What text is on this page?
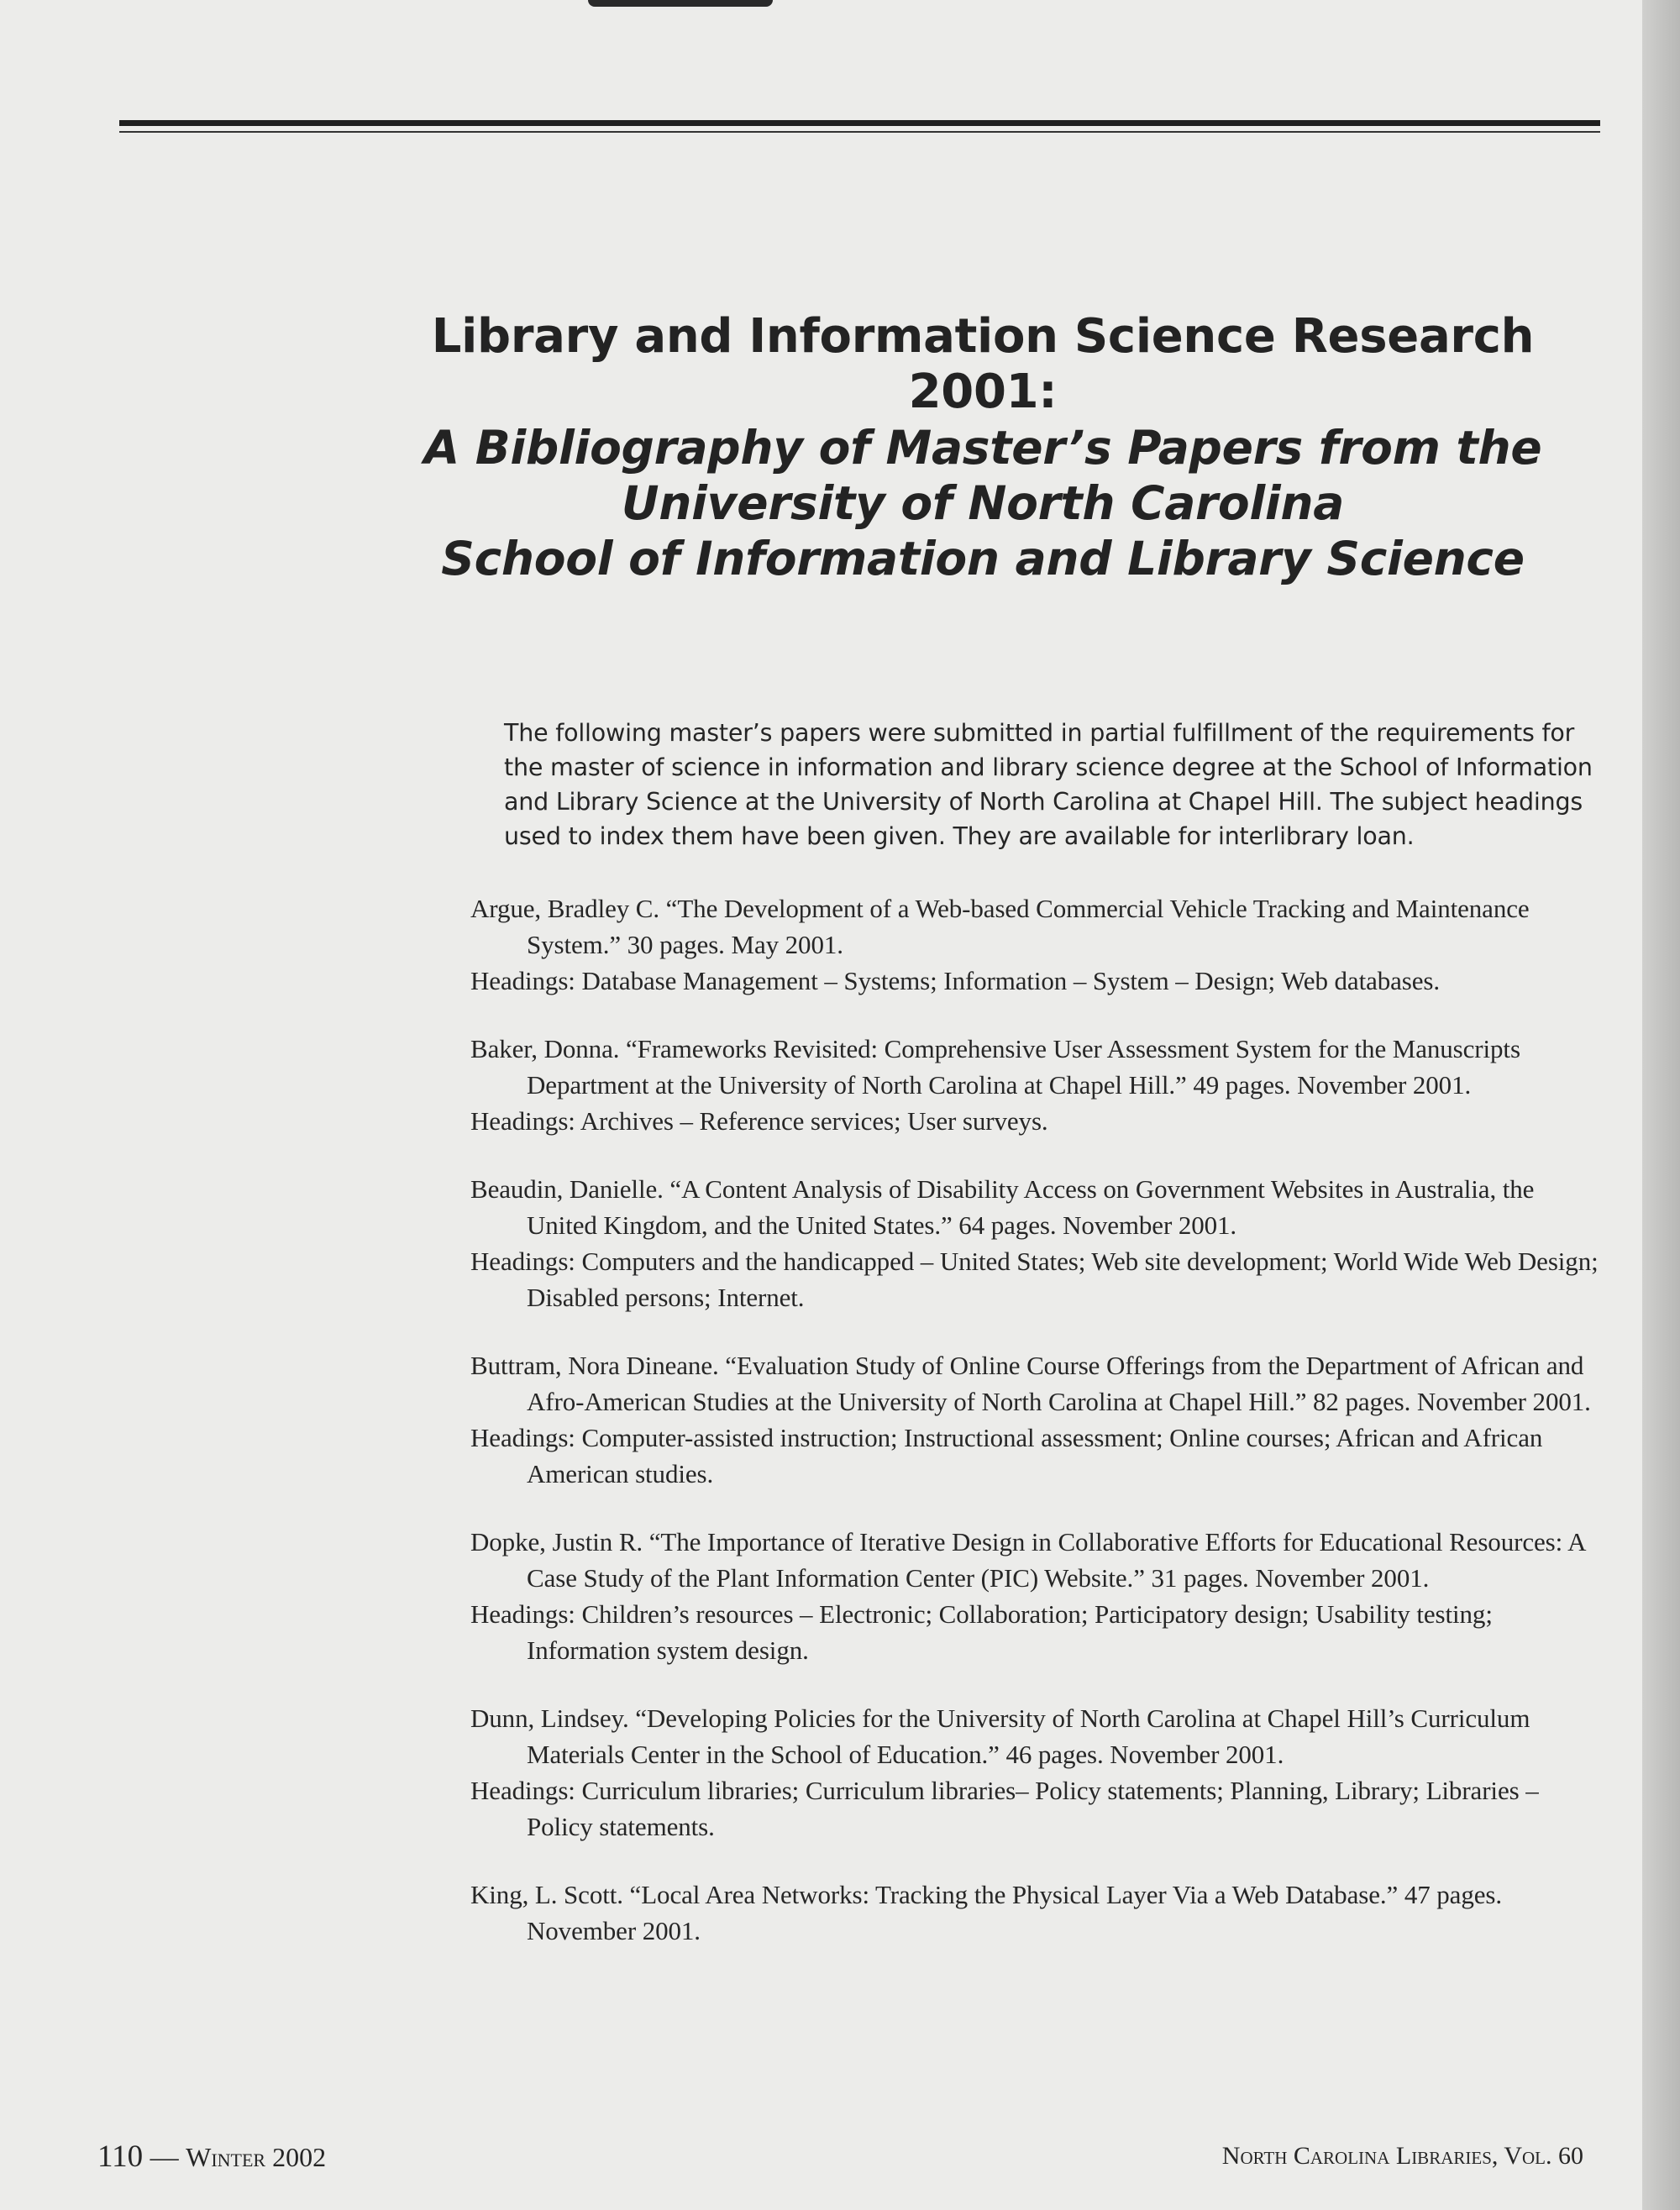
Library and Information Science Research 2001:
A Bibliography of Master’s Papers from the
University of North Carolina
School of Information and Library Science

The following master’s papers were submitted in partial fulfillment of the requirements for the master of science in information and library science degree at the School of Information and Library Science at the University of North Carolina at Chapel Hill. The subject headings used to index them have been given. They are available for interlibrary loan.

Argue, Bradley C. “The Development of a Web-based Commercial Vehicle Tracking and Maintenance System.” 30 pages. May 2001.

Headings: Database Management – Systems; Information – System – Design; Web databases.

Baker, Donna. “Frameworks Revisited: Comprehensive User Assessment System for the Manuscripts Department at the University of North Carolina at Chapel Hill.” 49 pages. November 2001.

Headings: Archives – Reference services; User surveys.

Beaudin, Danielle. “A Content Analysis of Disability Access on Government Websites in Australia, the United Kingdom, and the United States.” 64 pages. November 2001.

Headings: Computers and the handicapped – United States; Web site development; World Wide Web Design; Disabled persons; Internet.

Buttram, Nora Dineane. “Evaluation Study of Online Course Offerings from the Department of African and Afro-American Studies at the University of North Carolina at Chapel Hill.” 82 pages. November 2001.

Headings: Computer-assisted instruction; Instructional assessment; Online courses; African and African American studies.

Dopke, Justin R. “The Importance of Iterative Design in Collaborative Efforts for Educational Resources: A Case Study of the Plant Information Center (PIC) Website.” 31 pages. November 2001.

Headings: Children’s resources – Electronic; Collaboration; Participatory design; Usability testing; Information system design.

Dunn, Lindsey. “Developing Policies for the University of North Carolina at Chapel Hill’s Curriculum Materials Center in the School of Education.” 46 pages. November 2001.

Headings: Curriculum libraries; Curriculum libraries– Policy statements; Planning, Library; Libraries – Policy statements.

King, L. Scott. “Local Area Networks: Tracking the Physical Layer Via a Web Database.” 47 pages. November 2001.

110 — Winter 2002	North Carolina Libraries, Vol. 60
